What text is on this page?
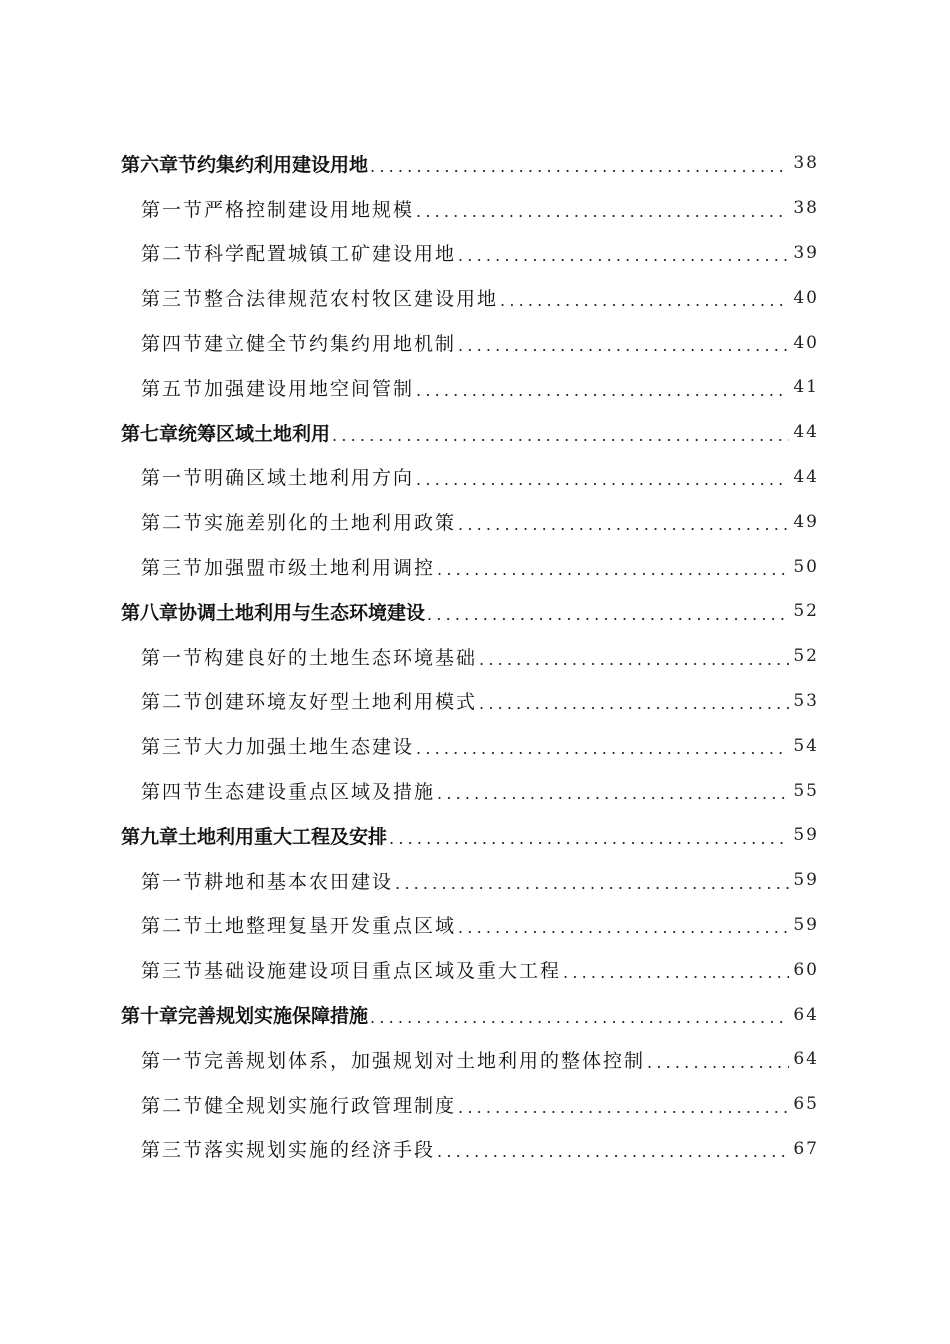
第六章 节约集约利用建设用地 .....	38
第一节 严格控制建设用地规模 .....	38
第二节 科学配置城镇工矿建设用地 .....	39
第三节 整合法律规范农村牧区建设用地 .....	40
第四节 建立健全节约集约用地机制 .....	40
第五节 加强建设用地空间管制 .....	41
第七章 统筹区域土地利用 .....	44
第一节 明确区域土地利用方向 .....	44
第二节 实施差别化的土地利用政策 .....	49
第三节 加强盟市级土地利用调控 .....	50
第八章 协调土地利用与生态环境建设 .....	52
第一节 构建良好的土地生态环境基础 .....	52
第二节 创建环境友好型土地利用模式 .....	53
第三节 大力加强土地生态建设 .....	54
第四节 生态建设重点区域及措施 .....	55
第九章 土地利用重大工程及安排 .....	59
第一节 耕地和基本农田建设 .....	59
第二节 土地整理复垦开发重点区域 .....	59
第三节 基础设施建设项目重点区域及重大工程 .....	60
第十章 完善规划实施保障措施 .....	64
第一节 完善规划体系，加强规划对土地利用的整体控制 .....	64
第二节 健全规划实施行政管理制度 .....	65
第三节 落实规划实施的经济手段 .....	67
